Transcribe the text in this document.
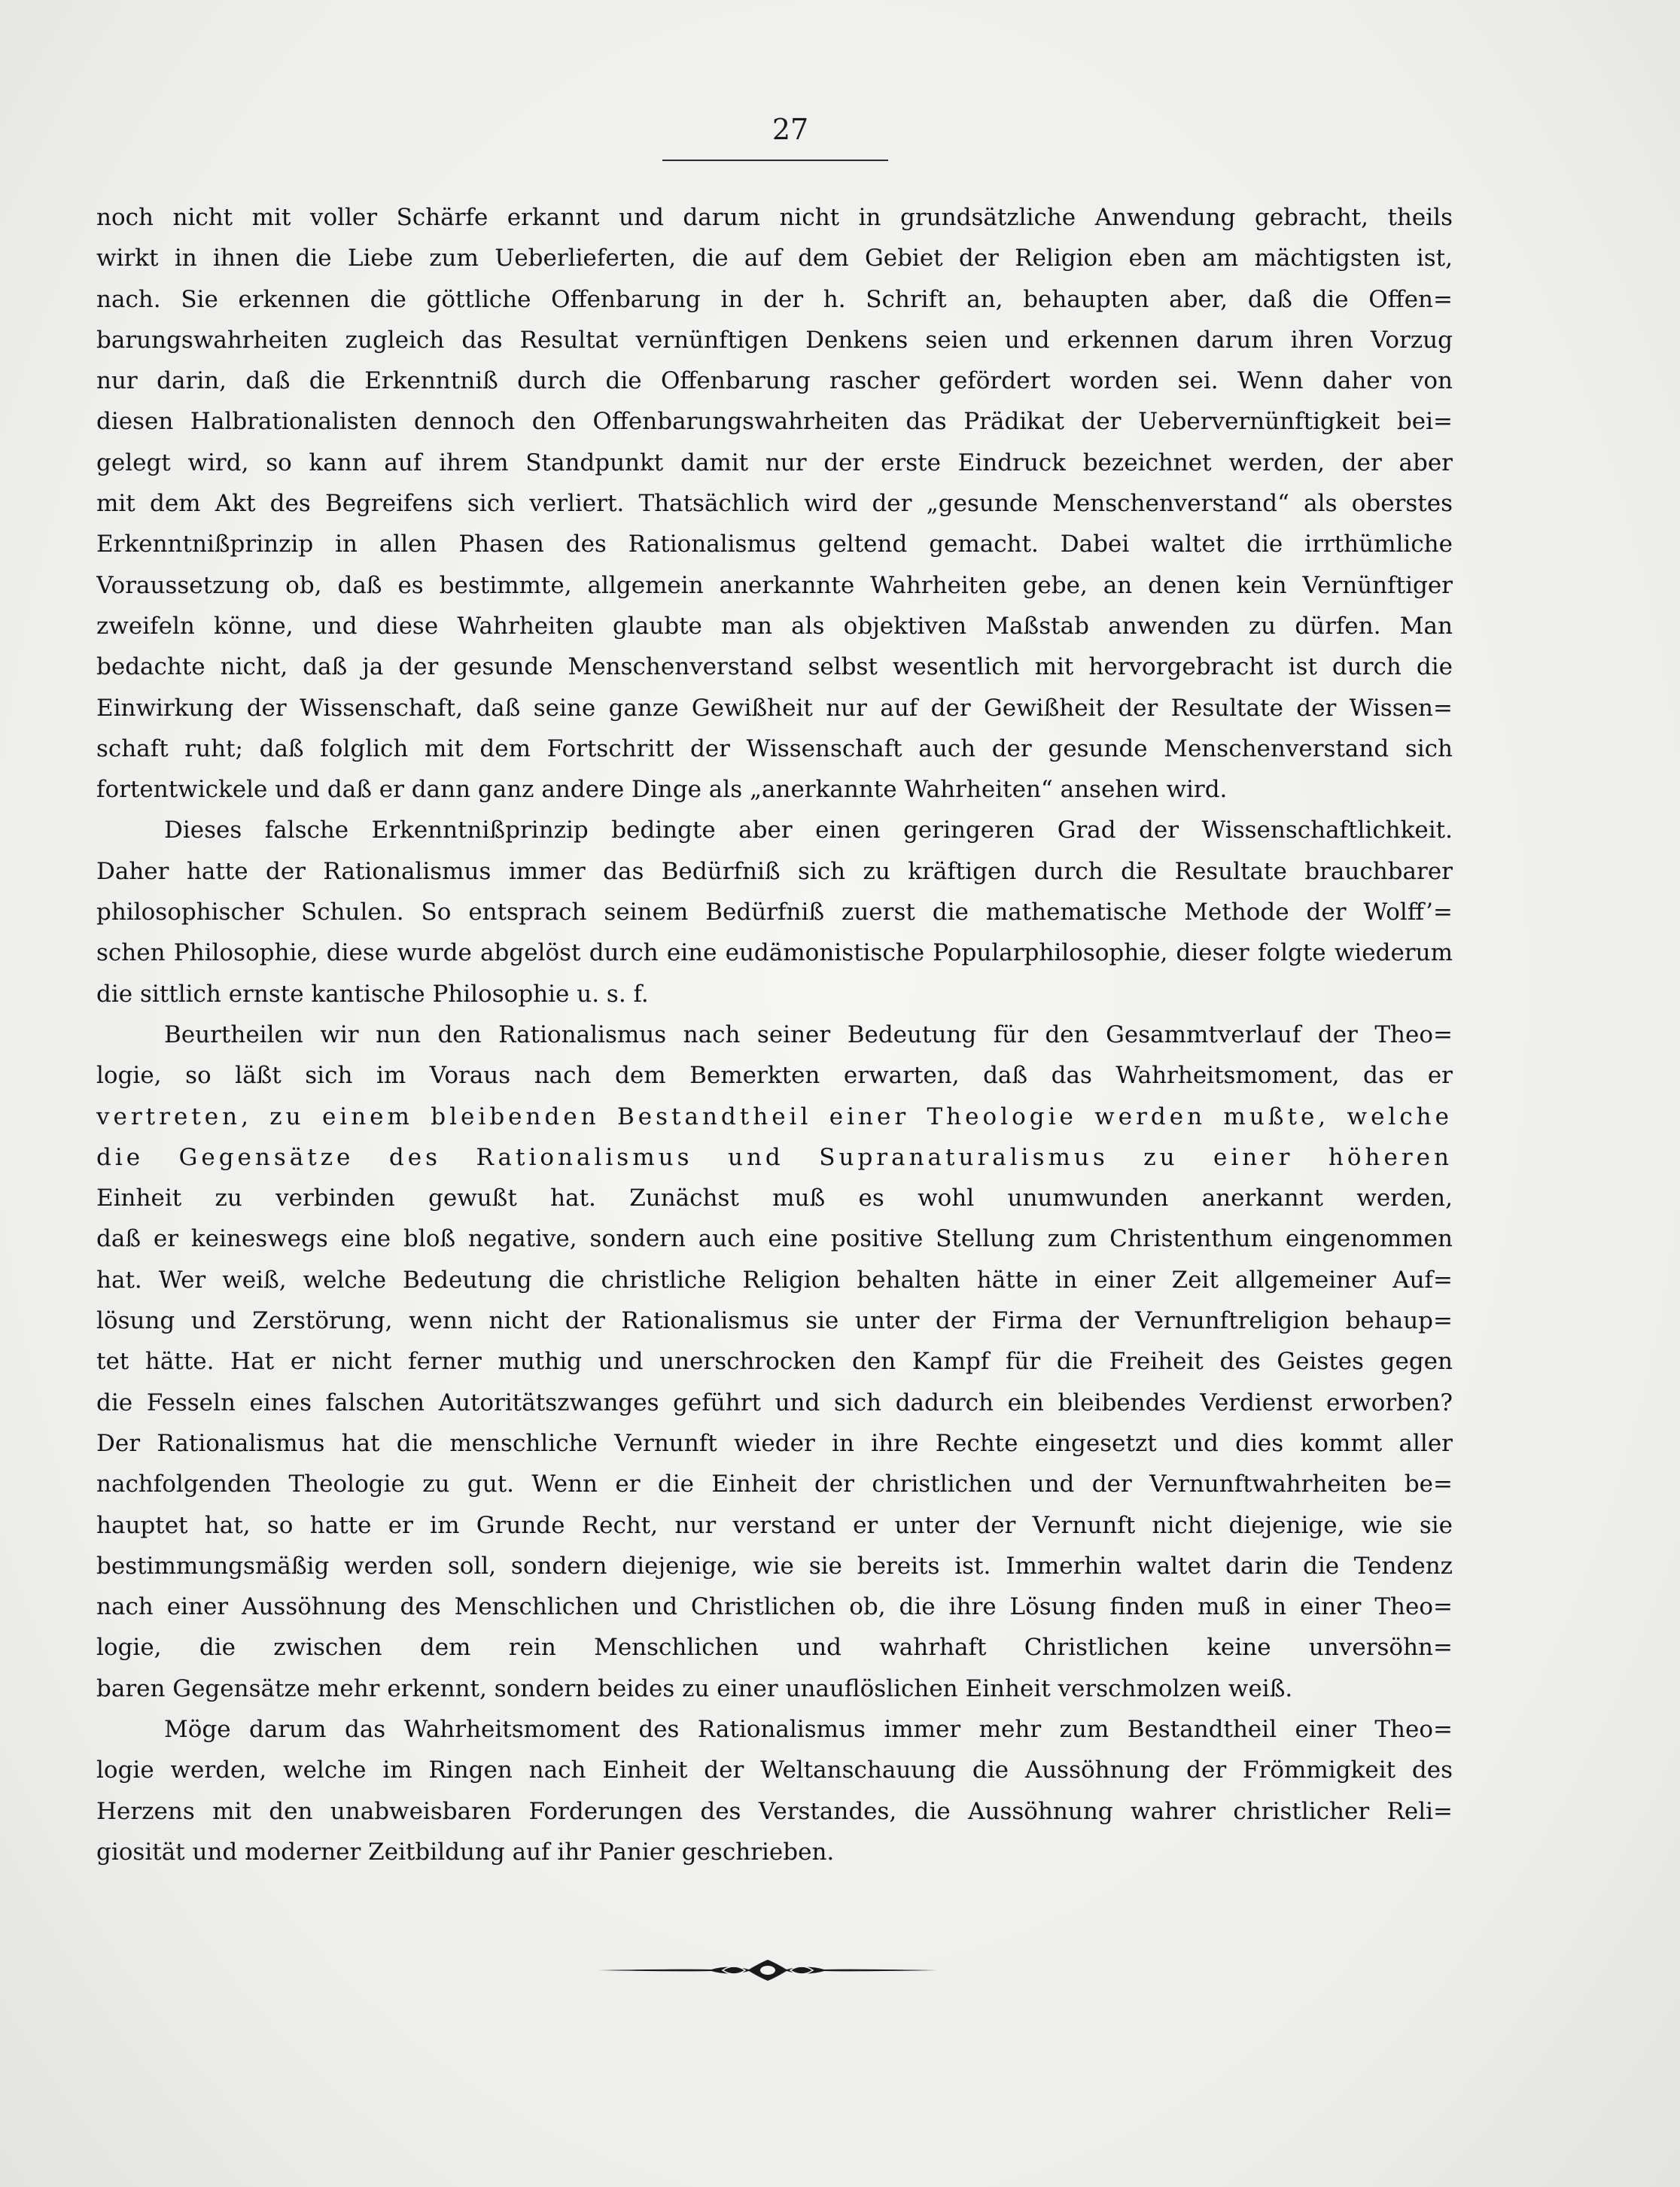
27
noch nicht mit voller Schärfe erkannt und darum nicht in grundsätzliche Anwendung gebracht, theils
wirkt in ihnen die Liebe zum Ueberlieferten, die auf dem Gebiet der Religion eben am mächtigsten ist,
nach. Sie erkennen die göttliche Offenbarung in der h. Schrift an, behaupten aber, daß die Offen=
barungswahrheiten zugleich das Resultat vernünftigen Denkens seien und erkennen darum ihren Vorzug
nur darin, daß die Erkenntniß durch die Offenbarung rascher gefördert worden sei. Wenn daher von
diesen Halbrationalisten dennoch den Offenbarungswahrheiten das Prädikat der Uebervernünftigkeit bei=
gelegt wird, so kann auf ihrem Standpunkt damit nur der erste Eindruck bezeichnet werden, der aber
mit dem Akt des Begreifens sich verliert. Thatsächlich wird der „gesunde Menschenverstand“ als oberstes
Erkenntnißprinzip in allen Phasen des Rationalismus geltend gemacht. Dabei waltet die irrthümliche
Voraussetzung ob, daß es bestimmte, allgemein anerkannte Wahrheiten gebe, an denen kein Vernünftiger
zweifeln könne, und diese Wahrheiten glaubte man als objektiven Maßstab anwenden zu dürfen. Man
bedachte nicht, daß ja der gesunde Menschenverstand selbst wesentlich mit hervorgebracht ist durch die
Einwirkung der Wissenschaft, daß seine ganze Gewißheit nur auf der Gewißheit der Resultate der Wissen=
schaft ruht; daß folglich mit dem Fortschritt der Wissenschaft auch der gesunde Menschenverstand sich
fortentwickele und daß er dann ganz andere Dinge als „anerkannte Wahrheiten“ ansehen wird.
Dieses falsche Erkenntnißprinzip bedingte aber einen geringeren Grad der Wissenschaftlichkeit.
Daher hatte der Rationalismus immer das Bedürfniß sich zu kräftigen durch die Resultate brauchbarer
philosophischer Schulen. So entsprach seinem Bedürfniß zuerst die mathematische Methode der Wolff’=
schen Philosophie, diese wurde abgelöst durch eine eudämonistische Popularphilosophie, dieser folgte wiederum
die sittlich ernste kantische Philosophie u. s. f.
Beurtheilen wir nun den Rationalismus nach seiner Bedeutung für den Gesammtverlauf der Theo=
logie, so läßt sich im Voraus nach dem Bemerkten erwarten, daß das Wahrheitsmoment, das er
vertreten, zu einem bleibenden Bestandtheil einer Theologie werden mußte, welche
die Gegensätze des Rationalismus und Supranaturalismus zu einer höheren
Einheit zu verbinden gewußt hat. Zunächst muß es wohl unumwunden anerkannt werden,
daß er keineswegs eine bloß negative, sondern auch eine positive Stellung zum Christenthum eingenommen
hat. Wer weiß, welche Bedeutung die christliche Religion behalten hätte in einer Zeit allgemeiner Auf=
lösung und Zerstörung, wenn nicht der Rationalismus sie unter der Firma der Vernunftreligion behaup=
tet hätte. Hat er nicht ferner muthig und unerschrocken den Kampf für die Freiheit des Geistes gegen
die Fesseln eines falschen Autoritätszwanges geführt und sich dadurch ein bleibendes Verdienst erworben?
Der Rationalismus hat die menschliche Vernunft wieder in ihre Rechte eingesetzt und dies kommt aller
nachfolgenden Theologie zu gut. Wenn er die Einheit der christlichen und der Vernunftwahrheiten be=
hauptet hat, so hatte er im Grunde Recht, nur verstand er unter der Vernunft nicht diejenige, wie sie
bestimmungsmäßig werden soll, sondern diejenige, wie sie bereits ist. Immerhin waltet darin die Tendenz
nach einer Aussöhnung des Menschlichen und Christlichen ob, die ihre Lösung finden muß in einer Theo=
logie, die zwischen dem rein Menschlichen und wahrhaft Christlichen keine unversöhn=
baren Gegensätze mehr erkennt, sondern beides zu einer unauflöslichen Einheit verschmolzen weiß.
Möge darum das Wahrheitsmoment des Rationalismus immer mehr zum Bestandtheil einer Theo=
logie werden, welche im Ringen nach Einheit der Weltanschauung die Aussöhnung der Frömmigkeit des
Herzens mit den unabweisbaren Forderungen des Verstandes, die Aussöhnung wahrer christlicher Reli=
giosität und moderner Zeitbildung auf ihr Panier geschrieben.
